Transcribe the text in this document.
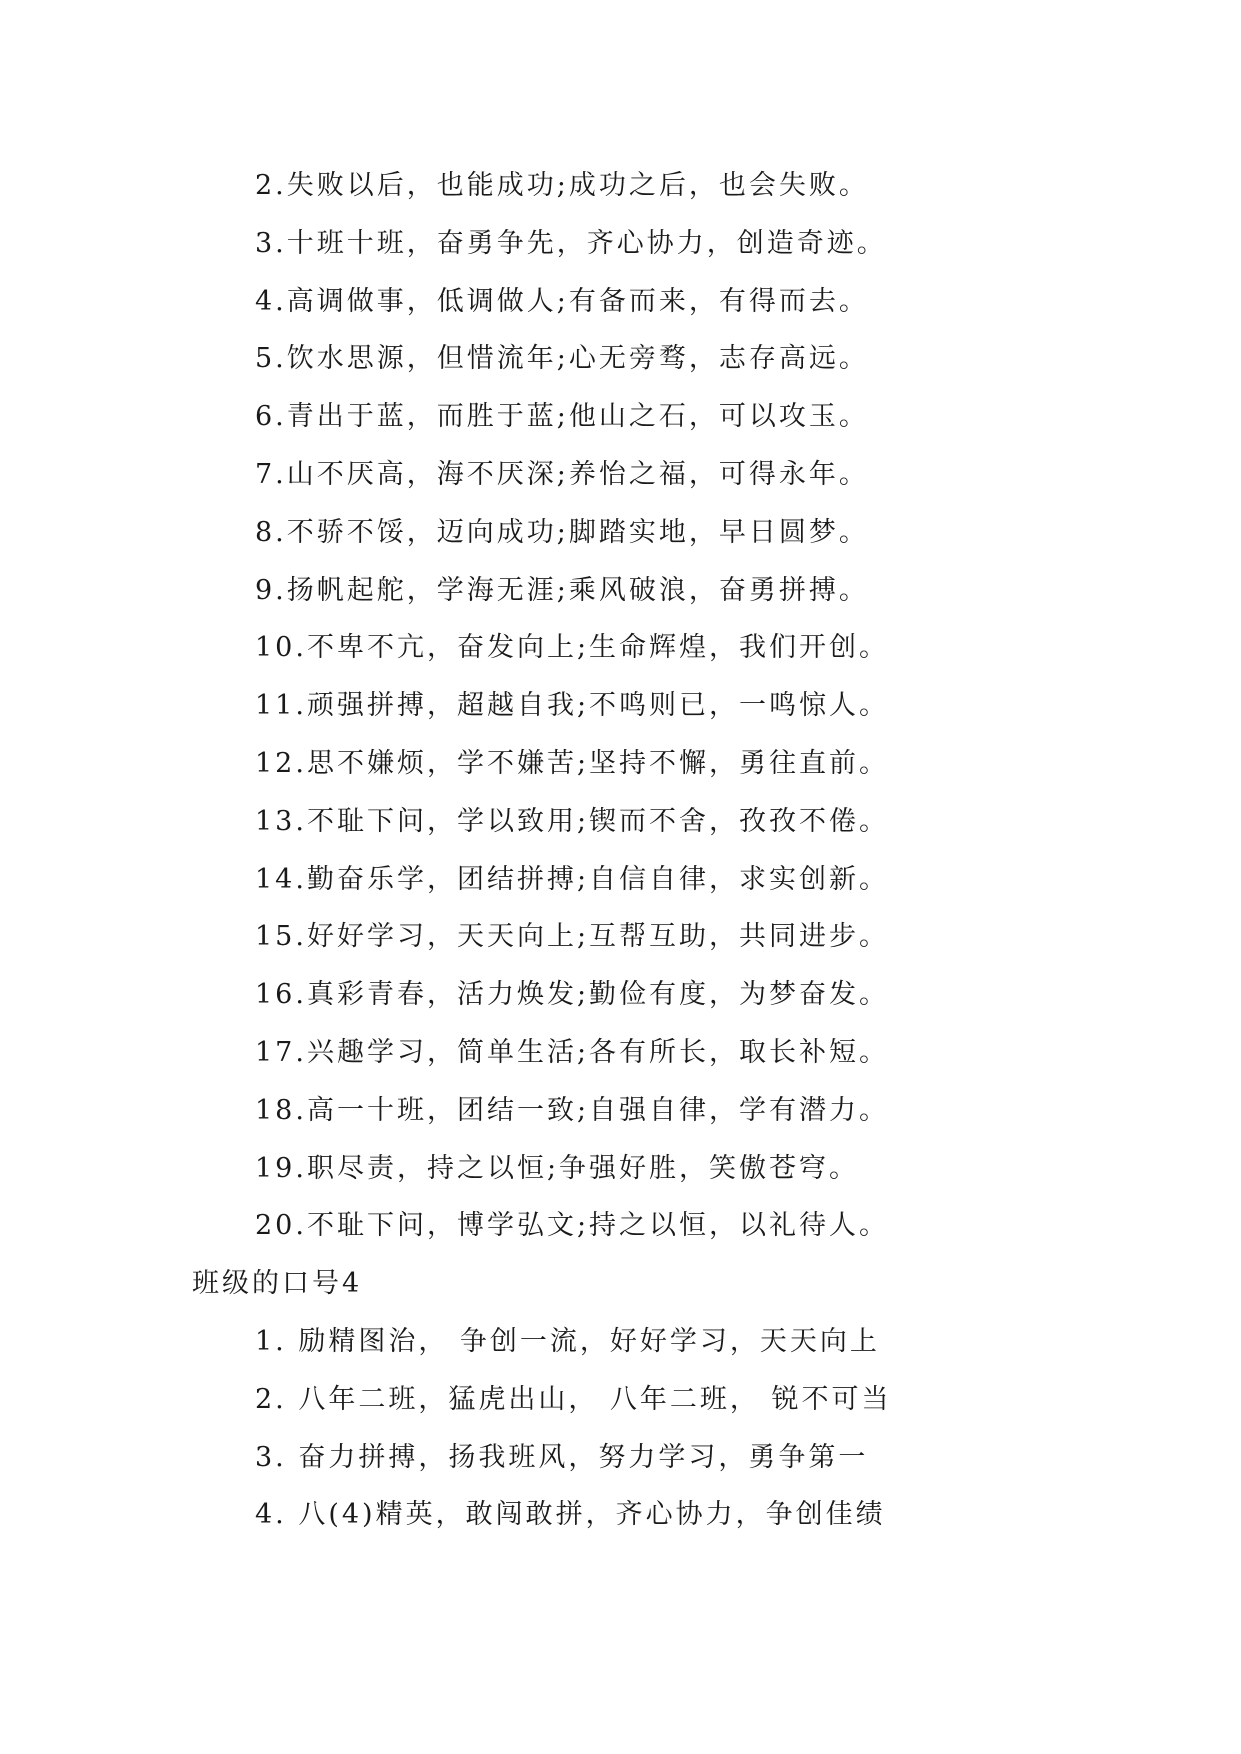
2.失败以后，也能成功;成功之后，也会失败。
3.十班十班，奋勇争先，齐心协力，创造奇迹。
4.高调做事，低调做人;有备而来，有得而去。
5.饮水思源，但惜流年;心无旁骛，志存高远。
6.青出于蓝，而胜于蓝;他山之石，可以攻玉。
7.山不厌高，海不厌深;养怡之福，可得永年。
8.不骄不馁，迈向成功;脚踏实地，早日圆梦。
9.扬帆起舵，学海无涯;乘风破浪，奋勇拼搏。
10.不卑不亢，奋发向上;生命辉煌，我们开创。
11.顽强拼搏，超越自我;不鸣则已，一鸣惊人。
12.思不嫌烦，学不嫌苦;坚持不懈，勇往直前。
13.不耻下问，学以致用;锲而不舍，孜孜不倦。
14.勤奋乐学，团结拼搏;自信自律，求实创新。
15.好好学习，天天向上;互帮互助，共同进步。
16.真彩青春，活力焕发;勤俭有度，为梦奋发。
17.兴趣学习，简单生活;各有所长，取长补短。
18.高一十班，团结一致;自强自律，学有潜力。
19.职尽责，持之以恒;争强好胜，笑傲苍穹。
20.不耻下问，博学弘文;持之以恒，以礼待人。
班级的口号4
1. 励精图治， 争创一流，好好学习，天天向上
2. 八年二班，猛虎出山， 八年二班， 锐不可当
3. 奋力拼搏，扬我班风，努力学习，勇争第一
4. 八(4)精英，敢闯敢拼，齐心协力，争创佳绩
